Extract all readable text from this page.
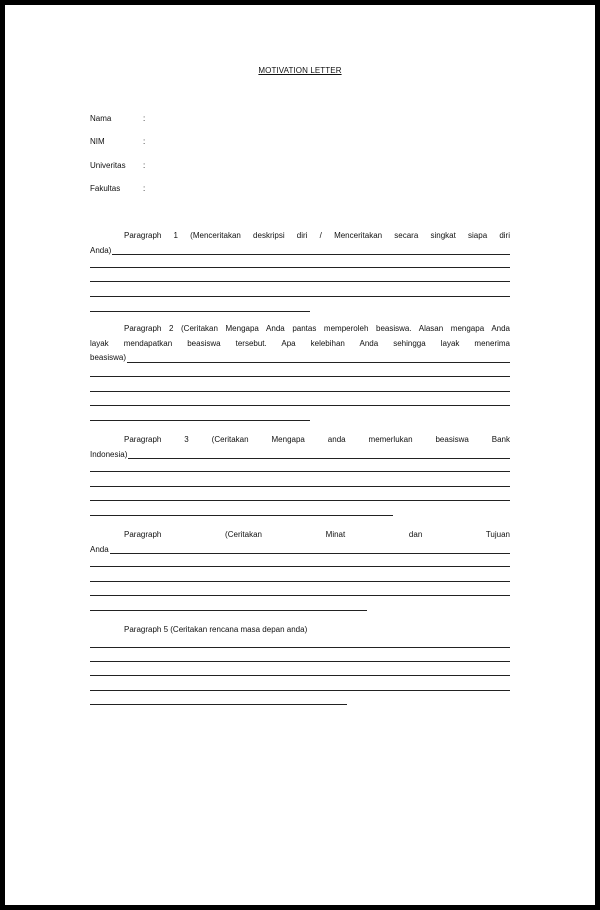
MOTIVATION LETTER
Nama	:
NIM	:
Univeritas :
Fakultas	:
Paragraph 1 (Menceritakan deskripsi diri / Menceritakan secara singkat siapa diri
Anda)
Paragraph 2 (Ceritakan Mengapa Anda pantas memperoleh beasiswa. Alasan mengapa Anda
layak mendapatkan beasiswa tersebut. Apa kelebihan Anda sehingga layak menerima
beasiswa)
Paragraph 3 (Ceritakan Mengapa anda memerlukan beasiswa Bank
Indonesia)
Paragraph (Ceritakan Minat dan Tujuan
Anda
Paragraph 5 (Ceritakan rencana masa depan anda)
